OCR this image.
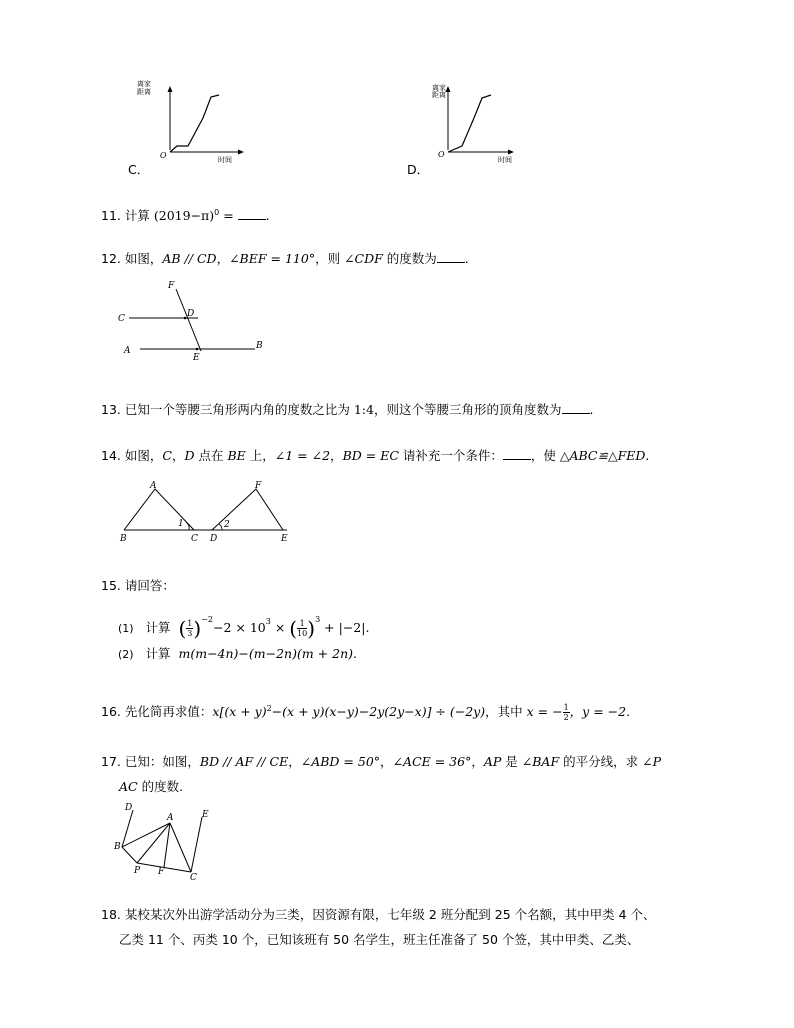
离家
距离
O	时间
C．
离家
距离
O
时间
D．
11. 计算 $(2019-\pi)^0$ = .
12. 如图，AB // CD，∠BEF = 110°，则 ∠CDF 的度数为 .
F
C	D
A
E
B
13. 已知一个等腰三角形两内角的度数之比为 1:4，则这个等腰三角形的顶角度数为 .
14. 如图，C，D 点在 BE 上，∠1 = ∠2，BD = EC 请补充一个条件： ，使 △ABC≌△FED.
A
B	C
1
D
2
F
E
15. 请回答：
(1) 计算 ( $\frac{1}{3} )^{-2}-2 \times 10^3$ × ( $\frac{1}{10} )^3 + |-2|$.
(2) 计算 m(m−4n)−(m−2n)(m + 2n).
16. 先化简再求值：$x[(x + y)^2-(x + y)(x-y)-2y(2y-x)] \div (-2y)$，其中 x = − $\frac{1}{2}$ ，y = −2.
17. 已知：如图，BD // AF // CE，∠ABD = 50°，∠ACE = 36°，AP 是 ∠BAF 的平分线，求 ∠P
AC 的度数.
D
A	E
B
P F
C
18. 某校某次外出游学活动分为三类，因资源有限，七年级 2 班分配到 25 个名额，其中甲类 4 个、
乙类 11 个、丙类 10 个，已知该班有 50 名学生，班主任准备了 50 个签，其中甲类、乙类、
